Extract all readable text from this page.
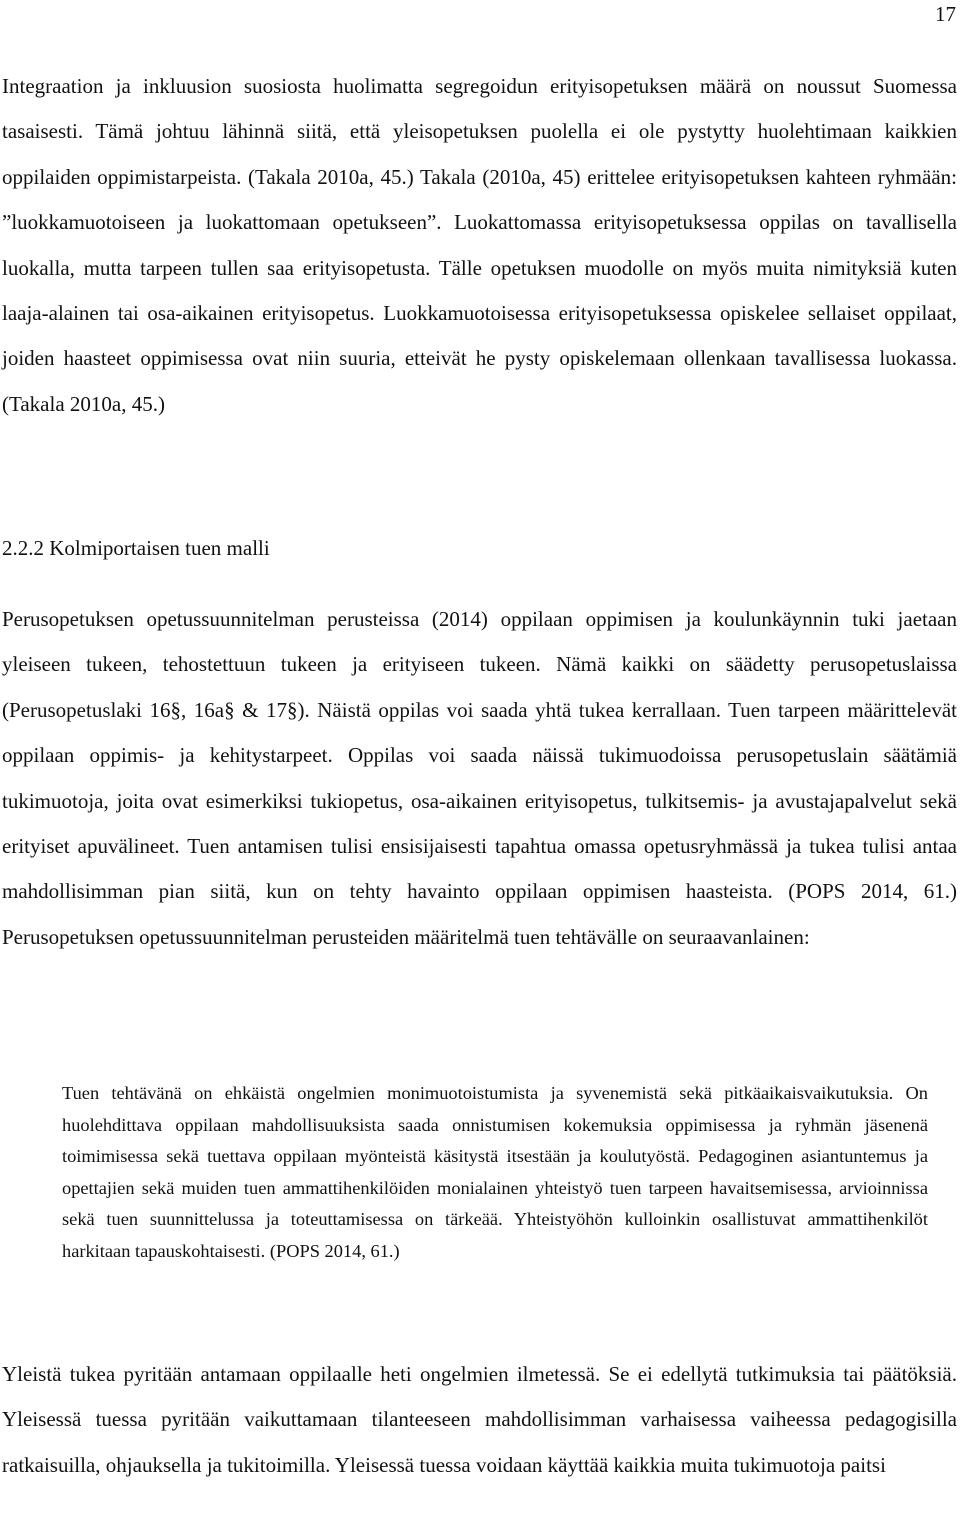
17

Integraation ja inkluusion suosiosta huolimatta segregoidun erityisopetuksen määrä on noussut Suomessa tasaisesti. Tämä johtuu lähinnä siitä, että yleisopetuksen puolella ei ole pystytty huolehtimaan kaikkien oppilaiden oppimistarpeista. (Takala 2010a, 45.) Takala (2010a, 45) erittelee erityisopetuksen kahteen ryhmään: ”luokkamuotoiseen ja luokattomaan opetukseen”. Luokattomassa erityisopetuksessa oppilas on tavallisella luokalla, mutta tarpeen tullen saa erityisopetusta. Tälle opetuksen muodolle on myös muita nimityksiä kuten laaja-alainen tai osa-aikainen erityisopetus. Luokkamuotoisessa erityisopetuksessa opiskelee sellaiset oppilaat, joiden haasteet oppimisessa ovat niin suuria, etteivät he pysty opiskelemaan ollenkaan tavallisessa luokassa. (Takala 2010a, 45.)

2.2.2 Kolmiportaisen tuen malli

Perusopetuksen opetussuunnitelman perusteissa (2014) oppilaan oppimisen ja koulunkäynnin tuki jaetaan yleiseen tukeen, tehostettuun tukeen ja erityiseen tukeen. Nämä kaikki on säädetty perusopetuslaissa (Perusopetuslaki 16§, 16a§ & 17§). Näistä oppilas voi saada yhtä tukea kerrallaan. Tuen tarpeen määrittelevät oppilaan oppimis- ja kehitystarpeet. Oppilas voi saada näissä tukimuodoissa perusopetuslain säätämiä tukimuotoja, joita ovat esimerkiksi tukiopetus, osa-aikainen erityisopetus, tulkitsemis- ja avustajapalvelut sekä erityiset apuvälineet. Tuen antamisen tulisi ensisijaisesti tapahtua omassa opetusryhmässä ja tukea tulisi antaa mahdollisimman pian siitä, kun on tehty havainto oppilaan oppimisen haasteista. (POPS 2014, 61.) Perusopetuksen opetussuunnitelman perusteiden määritelmä tuen tehtävälle on seuraavanlainen:

Tuen tehtävänä on ehkäistä ongelmien monimuotoistumista ja syvenemistä sekä pitkäaikaisvaikutuksia. On huolehdittava oppilaan mahdollisuuksista saada onnistumisen kokemuksia oppimisessa ja ryhmän jäsenenä toimimisessa sekä tuettava oppilaan myönteistä käsitystä itsestään ja koulutyöstä. Pedagoginen asiantuntemus ja opettajien sekä muiden tuen ammattihenkilöiden monialainen yhteistyö tuen tarpeen havaitsemisessa, arvioinnissa sekä tuen suunnittelussa ja toteuttamisessa on tärkeää. Yhteistyöhön kulloinkin osallistuvat ammattihenkilöt harkitaan tapauskohtaisesti. (POPS 2014, 61.)

Yleistä tukea pyritään antamaan oppilaalle heti ongelmien ilmetessä. Se ei edellytä tutkimuksia tai päätöksiä. Yleisessä tuessa pyritään vaikuttamaan tilanteeseen mahdollisimman varhaisessa vaiheessa pedagogisilla ratkaisuilla, ohjauksella ja tukitoimilla. Yleisessä tuessa voidaan käyttää kaikkia muita tukimuotoja paitsi
